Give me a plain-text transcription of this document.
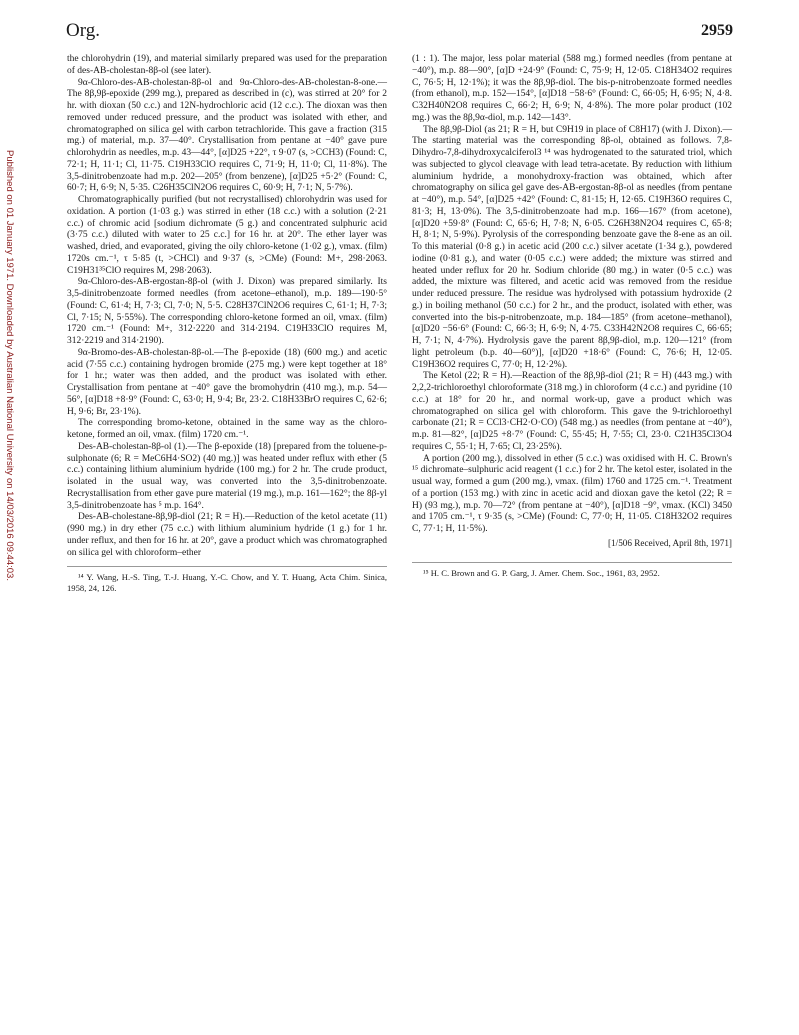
Published on 01 January 1971. Downloaded by Australian National University on 14/03/2016 09:44:03.
Org.	2959

the chlorohydrin (19), and material similarly prepared was used for the preparation of des-AB-cholestan-8β-ol (see later).

9α-Chloro-des-AB-cholestan-8β-ol and 9α-Chloro-des-AB-cholestan-8-one.—The 8β,9β-epoxide (299 mg.), prepared as described in (c), was stirred at 20° for 2 hr. with dioxan (50 c.c.) and 12N-hydrochloric acid (12 c.c.). The dioxan was then removed under reduced pressure, and the product was isolated with ether, and chromatographed on silica gel with carbon tetrachloride. This gave a fraction (315 mg.) of material, m.p. 37—40°. Crystallisation from pentane at −40° gave pure chlorohydrin as needles, m.p. 43—44°, [α]D25 +22°, τ 9·07 (s, >CCH3) (Found: C, 72·1; H, 11·1; Cl, 11·75. C19H33ClO requires C, 71·9; H, 11·0; Cl, 11·8%). The 3,5-dinitrobenzoate had m.p. 202—205° (from benzene), [α]D25 +5·2° (Found: C, 60·7; H, 6·9; N, 5·35. C26H35ClN2O6 requires C, 60·9; H, 7·1; N, 5·7%).

Chromatographically purified (but not recrystallised) chlorohydrin was used for oxidation. A portion (1·03 g.) was stirred in ether (18 c.c.) with a solution (2·21 c.c.) of chromic acid [sodium dichromate (5 g.) and concentrated sulphuric acid (3·75 c.c.) diluted with water to 25 c.c.] for 16 hr. at 20°. The ether layer was washed, dried, and evaporated, giving the oily chloro-ketone (1·02 g.), νmax. (film) 1720s cm.⁻¹, τ 5·85 (t, >CHCl) and 9·37 (s, >CMe) (Found: M+, 298·2063. C19H31³⁵ClO requires M, 298·2063).

9α-Chloro-des-AB-ergostan-8β-ol (with J. Dixon) was prepared similarly. Its 3,5-dinitrobenzoate formed needles (from acetone–ethanol), m.p. 189—190·5° (Found: C, 61·4; H, 7·3; Cl, 7·0; N, 5·5. C28H37ClN2O6 requires C, 61·1; H, 7·3; Cl, 7·15; N, 5·55%). The corresponding chloro-ketone formed an oil, νmax. (film) 1720 cm.⁻¹ (Found: M+, 312·2220 and 314·2194. C19H33ClO requires M, 312·2219 and 314·2190).

9α-Bromo-des-AB-cholestan-8β-ol.—The β-epoxide (18) (600 mg.) and acetic acid (7·55 c.c.) containing hydrogen bromide (275 mg.) were kept together at 18° for 1 hr.; water was then added, and the product was isolated with ether. Crystallisation from pentane at −40° gave the bromohydrin (410 mg.), m.p. 54—56°, [α]D18 +8·9° (Found: C, 63·0; H, 9·4; Br, 23·2. C18H33BrO requires C, 62·6; H, 9·6; Br, 23·1%).

The corresponding bromo-ketone, obtained in the same way as the chloro-ketone, formed an oil, νmax. (film) 1720 cm.⁻¹.

Des-AB-cholestan-8β-ol (1).—The β-epoxide (18) [prepared from the toluene-p-sulphonate (6; R = MeC6H4·SO2) (40 mg.)] was heated under reflux with ether (5 c.c.) containing lithium aluminium hydride (100 mg.) for 2 hr. The crude product, isolated in the usual way, was converted into the 3,5-dinitrobenzoate. Recrystallisation from ether gave pure material (19 mg.), m.p. 161—162°; the 8β-yl 3,5-dinitrobenzoate has ⁵ m.p. 164°.

Des-AB-cholestane-8β,9β-diol (21; R = H).—Reduction of the ketol acetate (11) (990 mg.) in dry ether (75 c.c.) with lithium aluminium hydride (1 g.) for 1 hr. under reflux, and then for 16 hr. at 20°, gave a product which was chromatographed on silica gel with chloroform–ether

¹⁴ Y. Wang, H.-S. Ting, T.-J. Huang, Y.-C. Chow, and Y. T. Huang, Acta Chim. Sinica, 1958, 24, 126.

(1 : 1). The major, less polar material (588 mg.) formed needles (from pentane at −40°), m.p. 88—90°, [α]D +24·9° (Found: C, 75·9; H, 12·05. C18H34O2 requires C, 76·5; H, 12·1%); it was the 8β,9β-diol. The bis-p-nitrobenzoate formed needles (from ethanol), m.p. 152—154°, [α]D18 −58·6° (Found: C, 66·05; H, 6·95; N, 4·8. C32H40N2O8 requires C, 66·2; H, 6·9; N, 4·8%). The more polar product (102 mg.) was the 8β,9α-diol, m.p. 142—143°.

The 8β,9β-Diol (as 21; R = H, but C9H19 in place of C8H17) (with J. Dixon).—The starting material was the corresponding 8β-ol, obtained as follows. 7,8-Dihydro-7,8-dihydroxycalciferol3 ¹⁴ was hydrogenated to the saturated triol, which was subjected to glycol cleavage with lead tetra-acetate. By reduction with lithium aluminium hydride, a monohydroxy-fraction was obtained, which after chromatography on silica gel gave des-AB-ergostan-8β-ol as needles (from pentane at −40°), m.p. 54°, [α]D25 +42° (Found: C, 81·15; H, 12·65. C19H36O requires C, 81·3; H, 13·0%). The 3,5-dinitrobenzoate had m.p. 166—167° (from acetone), [α]D20 +59·8° (Found: C, 65·6; H, 7·8; N, 6·05. C26H38N2O4 requires C, 65·8; H, 8·1; N, 5·9%). Pyrolysis of the corresponding benzoate gave the 8-ene as an oil. To this material (0·8 g.) in acetic acid (200 c.c.) silver acetate (1·34 g.), powdered iodine (0·81 g.), and water (0·05 c.c.) were added; the mixture was stirred and heated under reflux for 20 hr. Sodium chloride (80 mg.) in water (0·5 c.c.) was added, the mixture was filtered, and acetic acid was removed from the residue under reduced pressure. The residue was hydrolysed with potassium hydroxide (2 g.) in boiling methanol (50 c.c.) for 2 hr., and the product, isolated with ether, was converted into the bis-p-nitrobenzoate, m.p. 184—185° (from acetone–methanol), [α]D20 −56·6° (Found: C, 66·3; H, 6·9; N, 4·75. C33H42N2O8 requires C, 66·65; H, 7·1; N, 4·7%). Hydrolysis gave the parent 8β,9β-diol, m.p. 120—121° (from light petroleum (b.p. 40—60°)], [α]D20 +18·6° (Found: C, 76·6; H, 12·05. C19H36O2 requires C, 77·0; H, 12·2%).

The Ketol (22; R = H).—Reaction of the 8β,9β-diol (21; R = H) (443 mg.) with 2,2,2-trichloroethyl chloroformate (318 mg.) in chloroform (4 c.c.) and pyridine (10 c.c.) at 18° for 20 hr., and normal work-up, gave a product which was chromatographed on silica gel with chloroform. This gave the 9-trichloroethyl carbonate (21; R = CCl3·CH2·O·CO) (548 mg.) as needles (from pentane at −40°), m.p. 81—82°, [α]D25 +8·7° (Found: C, 55·45; H, 7·55; Cl, 23·0. C21H35Cl3O4 requires C, 55·1; H, 7·65; Cl, 23·25%).

A portion (200 mg.), dissolved in ether (5 c.c.) was oxidised with H. C. Brown's ¹⁵ dichromate–sulphuric acid reagent (1 c.c.) for 2 hr. The ketol ester, isolated in the usual way, formed a gum (200 mg.), νmax. (film) 1760 and 1725 cm.⁻¹. Treatment of a portion (153 mg.) with zinc in acetic acid and dioxan gave the ketol (22; R = H) (93 mg.), m.p. 70—72° (from pentane at −40°), [α]D18 −9°, νmax. (KCl) 3450 and 1705 cm.⁻¹, τ 9·35 (s, >CMe) (Found: C, 77·0; H, 11·05. C18H32O2 requires C, 77·1; H, 11·5%).

[1/506 Received, April 8th, 1971]

¹⁵ H. C. Brown and G. P. Garg, J. Amer. Chem. Soc., 1961, 83, 2952.
